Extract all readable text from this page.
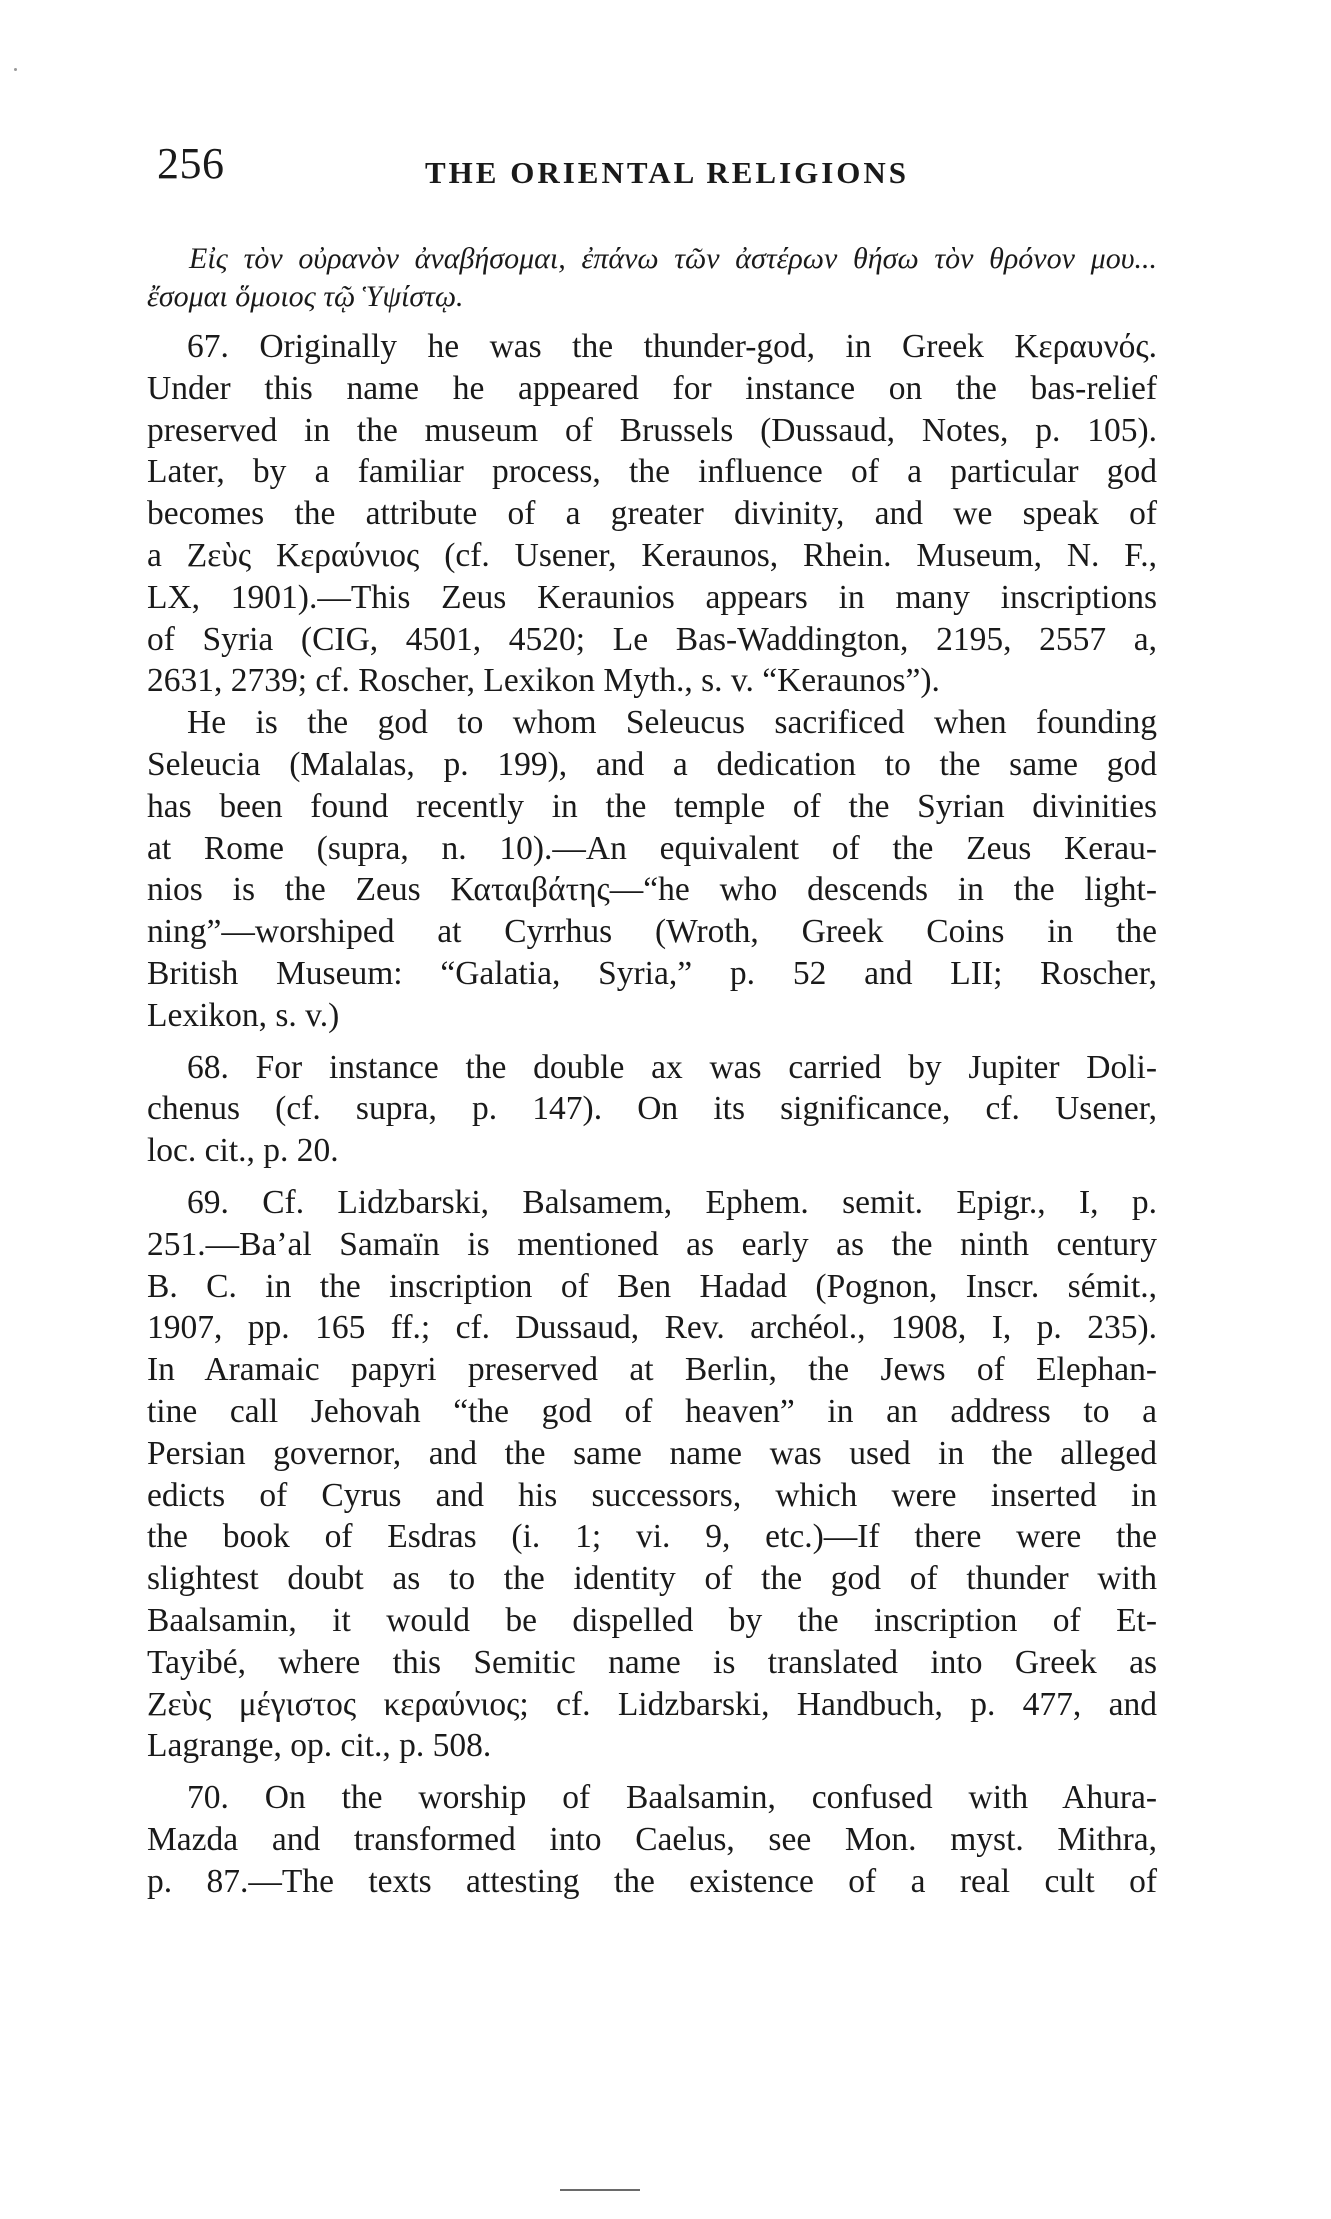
256	THE ORIENTAL RELIGIONS
Εἰς τὸν οὐρανὸν ἀναβήσομαι, ἐπάνω τῶν ἀστέρων θήσω τὸν θρόνον μου...
ἔσομαι ὅμοιος τῷ Ὑψίστῳ.
67. Originally he was the thunder-god, in Greek Κεραυνός.
Under this name he appeared for instance on the bas-relief
preserved in the museum of Brussels (Dussaud, Notes, p. 105).
Later, by a familiar process, the influence of a particular god
becomes the attribute of a greater divinity, and we speak of
a Ζεὺς Κεραύνιος (cf. Usener, Keraunos, Rhein. Museum, N. F.,
LX, 1901).—This Zeus Keraunios appears in many inscriptions
of Syria (CIG, 4501, 4520; Le Bas-Waddington, 2195, 2557 a,
2631, 2739; cf. Roscher, Lexikon Myth., s. v. “Keraunos”).
He is the god to whom Seleucus sacrificed when founding
Seleucia (Malalas, p. 199), and a dedication to the same god
has been found recently in the temple of the Syrian divinities
at Rome (supra, n. 10).—An equivalent of the Zeus Kerau-
nios is the Zeus Καταιβάτης—“he who descends in the light-
ning”—worshiped at Cyrrhus (Wroth, Greek Coins in the
British Museum: “Galatia, Syria,” p. 52 and LII; Roscher,
Lexikon, s. v.)
68. For instance the double ax was carried by Jupiter Doli-
chenus (cf. supra, p. 147). On its significance, cf. Usener,
loc. cit., p. 20.
69. Cf. Lidzbarski, Balsamem, Ephem. semit. Epigr., I, p.
251.—Ba’al Samaïn is mentioned as early as the ninth century
B. C. in the inscription of Ben Hadad (Pognon, Inscr. sémit.,
1907, pp. 165 ff.; cf. Dussaud, Rev. archéol., 1908, I, p. 235).
In Aramaic papyri preserved at Berlin, the Jews of Elephan-
tine call Jehovah “the god of heaven” in an address to a
Persian governor, and the same name was used in the alleged
edicts of Cyrus and his successors, which were inserted in
the book of Esdras (i. 1; vi. 9, etc.)—If there were the
slightest doubt as to the identity of the god of thunder with
Baalsamin, it would be dispelled by the inscription of Et-
Tayibé, where this Semitic name is translated into Greek as
Ζεὺς μέγιστος κεραύνιος; cf. Lidzbarski, Handbuch, p. 477, and
Lagrange, op. cit., p. 508.
70. On the worship of Baalsamin, confused with Ahura-
Mazda and transformed into Caelus, see Mon. myst. Mithra,
p. 87.—The texts attesting the existence of a real cult of
